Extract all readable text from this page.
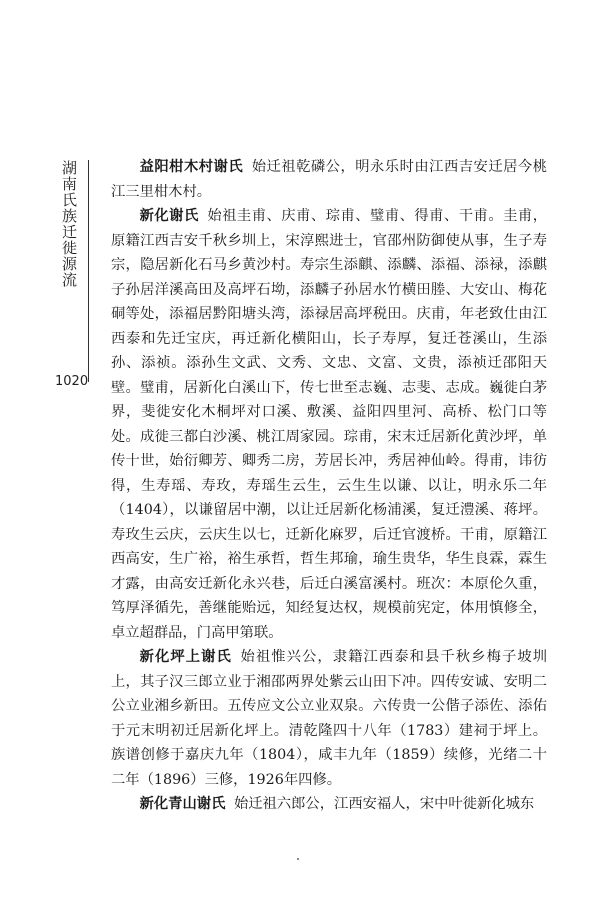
湖南氏族迁徙源流
1020

益阳柑木村谢氏 始迁祖乾磷公，明永乐时由江西吉安迁居今桃江三里柑木村。

新化谢氏 始祖圭甫、庆甫、琮甫、璧甫、得甫、干甫。圭甫，原籍江西吉安千秋乡圳上，宋淳熙进士，官邵州防御使从事，生子寿宗，隐居新化石马乡黄沙村。寿宗生添麒、添麟、添福、添禄，添麒子孙居洋溪高田及高坪石坳，添麟子孙居水竹横田塍、大安山、梅花硐等处，添福居黔阳塘头湾，添禄居高坪税田。庆甫，年老致仕由江西泰和先迁宝庆，再迁新化横阳山，长子寿厚，复迁苍溪山，生添孙、添祯。添孙生文武、文秀、文忠、文富、文贵，添祯迁邵阳天壁。璧甫，居新化白溪山下，传七世至志巍、志斐、志成。巍徙白茅界，斐徙安化木桐坪对口溪、敷溪、益阳四里河、高桥、松门口等处。成徙三都白沙溪、桃江周家园。琮甫，宋末迁居新化黄沙坪，单传十世，始衍卿芳、卿秀二房，芳居长冲，秀居神仙岭。得甫，讳彷得，生寿瑶、寿玫，寿瑶生云生，云生生以谦、以让，明永乐二年（1404），以谦留居中潮，以让迁居新化杨浦溪，复迁澧溪、蒋坪。寿玫生云庆，云庆生以七，迁新化麻罗，后迁官渡桥。干甫，原籍江西高安，生广裕，裕生承哲，哲生邦瑜，瑜生贵华，华生良霖，霖生才露，由高安迁新化永兴巷，后迁白溪富溪村。班次：本原伦久重，笃厚泽循先，善继能贻远，知经复达权，规模前宪定，体用慎修全，卓立超群品，门高甲第联。

新化坪上谢氏 始祖惟兴公，隶籍江西泰和县千秋乡梅子坡圳上，其子汉三郎立业于湘邵两界处紫云山田下冲。四传安诚、安明二公立业湘乡新田。五传应文公立业双泉。六传贵一公偕子添佐、添佑于元末明初迁居新化坪上。清乾隆四十八年（1783）建祠于坪上。族谱创修于嘉庆九年（1804），咸丰九年（1859）续修，光绪二十二年（1896）三修，1926年四修。

新化青山谢氏 始迁祖六郎公，江西安福人，宋中叶徙新化城东
